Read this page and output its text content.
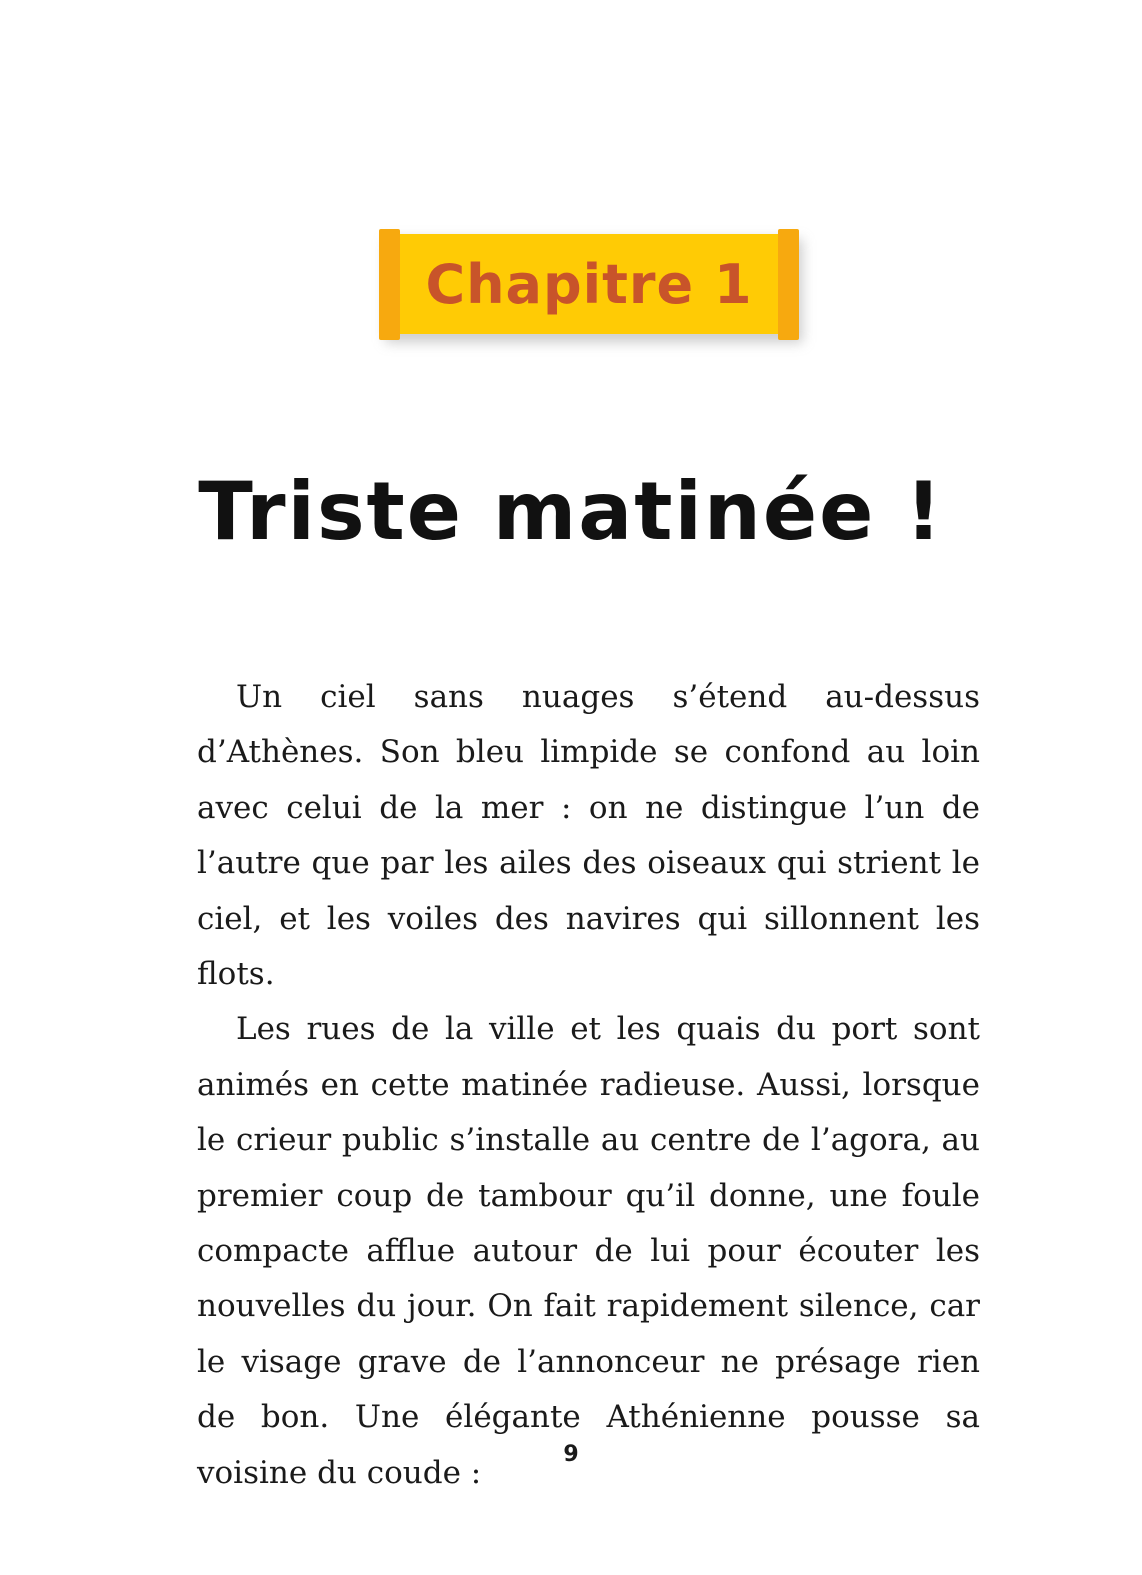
Chapitre 1
Triste matinée !

Un ciel sans nuages s’étend au-dessus d’Athènes. Son bleu limpide se confond au loin avec celui de la mer : on ne distingue l’un de l’autre que par les ailes des oiseaux qui strient le ciel, et les voiles des navires qui sillonnent les flots.

Les rues de la ville et les quais du port sont animés en cette matinée radieuse. Aussi, lorsque le crieur public s’installe au centre de l’agora, au premier coup de tambour qu’il donne, une foule compacte afflue autour de lui pour écouter les nouvelles du jour. On fait rapidement silence, car le visage grave de l’annonceur ne présage rien de bon. Une élégante Athénienne pousse sa voisine du coude :

9
